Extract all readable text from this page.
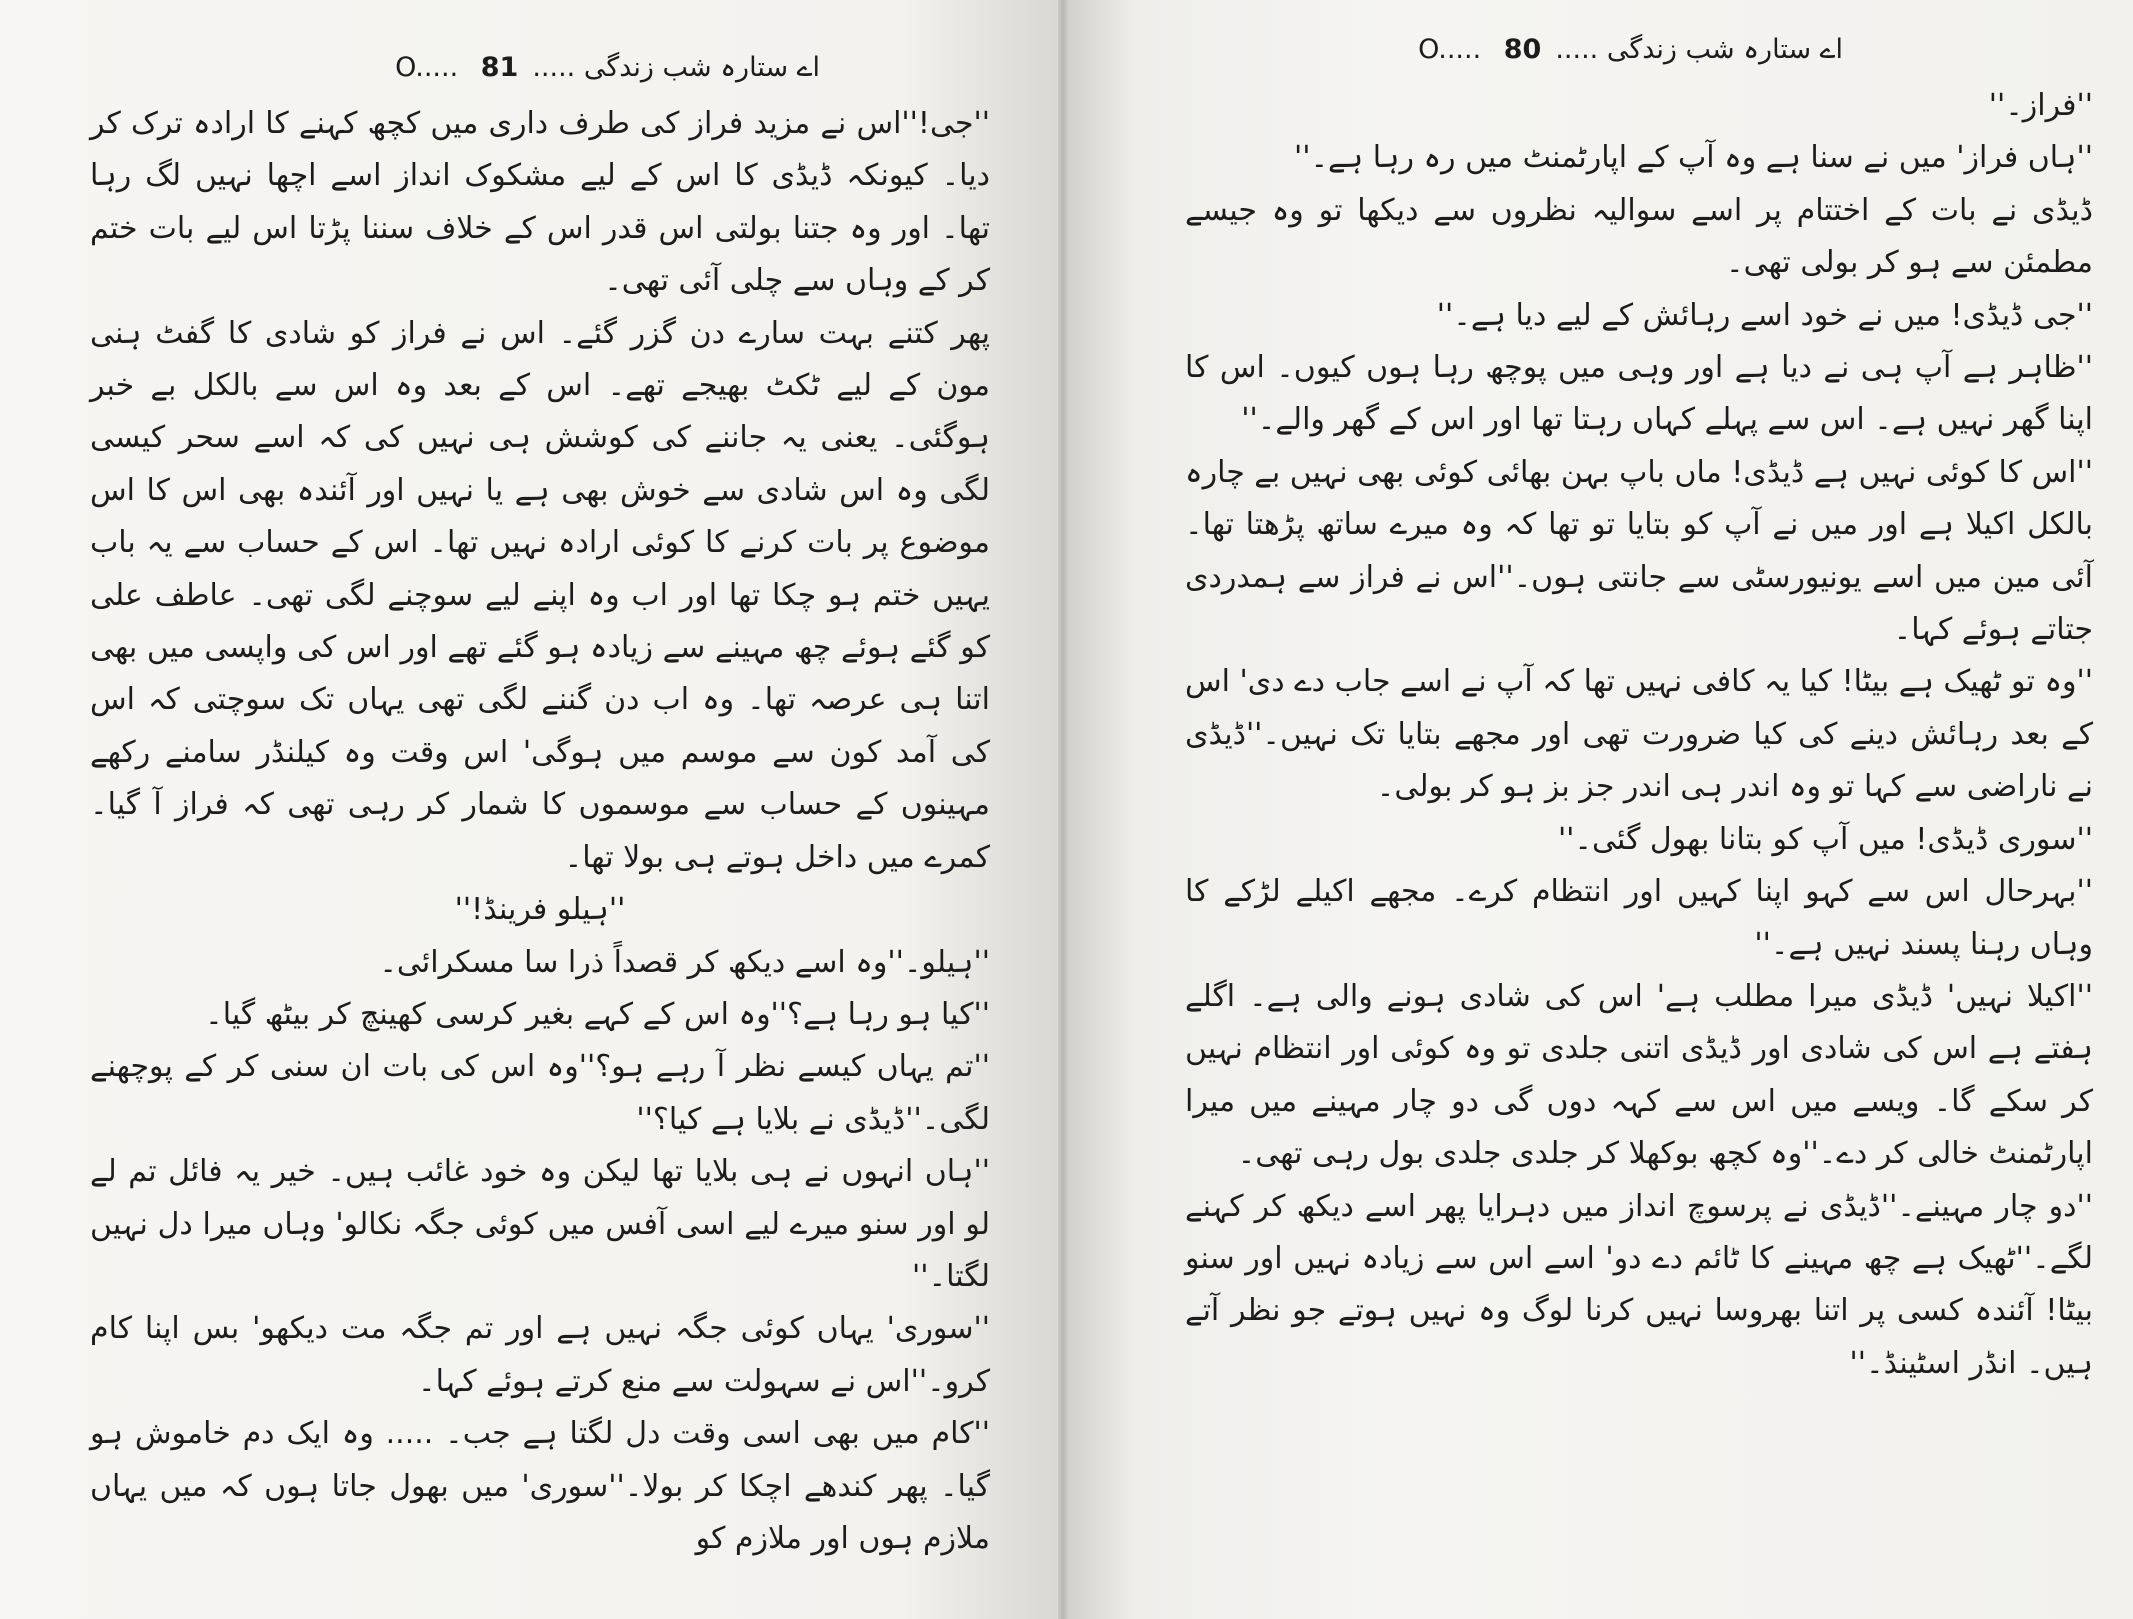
اے ستارہ شب زندگی .....O..... 81

''جی!''اس نے مزید فراز کی طرف داری میں کچھ کہنے کا ارادہ ترک کر دیا۔ کیونکہ ڈیڈی کا اس کے لیے مشکوک انداز اسے اچھا نہیں لگ رہا تھا۔ اور وہ جتنا بولتی اس قدر اس کے خلاف سننا پڑتا اس لیے بات ختم کر کے وہاں سے چلی آئی تھی۔

پھر کتنے بہت سارے دن گزر گئے۔ اس نے فراز کو شادی کا گفٹ ہنی مون کے لیے ٹکٹ بھیجے تھے۔ اس کے بعد وہ اس سے بالکل بے خبر ہوگئی۔ یعنی یہ جاننے کی کوشش ہی نہیں کی کہ اسے سحر کیسی لگی وہ اس شادی سے خوش بھی ہے یا نہیں اور آئندہ بھی اس کا اس موضوع پر بات کرنے کا کوئی ارادہ نہیں تھا۔ اس کے حساب سے یہ باب یہیں ختم ہو چکا تھا اور اب وہ اپنے لیے سوچنے لگی تھی۔ عاطف علی کو گئے ہوئے چھ مہینے سے زیادہ ہو گئے تھے اور اس کی واپسی میں بھی اتنا ہی عرصہ تھا۔ وہ اب دن گننے لگی تھی یہاں تک سوچتی کہ اس کی آمد کون سے موسم میں ہوگی' اس وقت وہ کیلنڈر سامنے رکھے مہینوں کے حساب سے موسموں کا شمار کر رہی تھی کہ فراز آ گیا۔ کمرے میں داخل ہوتے ہی بولا تھا۔

''ہیلو فرینڈ!''

''ہیلو۔''وہ اسے دیکھ کر قصداً ذرا سا مسکرائی۔

''کیا ہو رہا ہے؟''وہ اس کے کہے بغیر کرسی کھینچ کر بیٹھ گیا۔

''تم یہاں کیسے نظر آ رہے ہو؟''وہ اس کی بات ان سنی کر کے پوچھنے لگی۔''ڈیڈی نے بلایا ہے کیا؟''

''ہاں انہوں نے ہی بلایا تھا لیکن وہ خود غائب ہیں۔ خیر یہ فائل تم لے لو اور سنو میرے لیے اسی آفس میں کوئی جگہ نکالو' وہاں میرا دل نہیں لگتا۔''

''سوری' یہاں کوئی جگہ نہیں ہے اور تم جگہ مت دیکھو' بس اپنا کام کرو۔''اس نے سہولت سے منع کرتے ہوئے کہا۔

''کام میں بھی اسی وقت دل لگتا ہے جب۔ ..... وہ ایک دم خاموش ہو گیا۔ پھر کندھے اچکا کر بولا۔''سوری' میں بھول جاتا ہوں کہ میں یہاں ملازم ہوں اور ملازم کو

اے ستارہ شب زندگی .....O..... 80

''فراز۔''

''ہاں فراز' میں نے سنا ہے وہ آپ کے اپارٹمنٹ میں رہ رہا ہے۔''

ڈیڈی نے بات کے اختتام پر اسے سوالیہ نظروں سے دیکھا تو وہ جیسے مطمئن سے ہو کر بولی تھی۔

''جی ڈیڈی! میں نے خود اسے رہائش کے لیے دیا ہے۔''

''ظاہر ہے آپ ہی نے دیا ہے اور وہی میں پوچھ رہا ہوں کیوں۔ اس کا اپنا گھر نہیں ہے۔ اس سے پہلے کہاں رہتا تھا اور اس کے گھر والے۔''

''اس کا کوئی نہیں ہے ڈیڈی! ماں باپ بہن بھائی کوئی بھی نہیں بے چارہ بالکل اکیلا ہے اور میں نے آپ کو بتایا تو تھا کہ وہ میرے ساتھ پڑھتا تھا۔ آئی مین میں اسے یونیورسٹی سے جانتی ہوں۔''اس نے فراز سے ہمدردی جتاتے ہوئے کہا۔

''وہ تو ٹھیک ہے بیٹا! کیا یہ کافی نہیں تھا کہ آپ نے اسے جاب دے دی' اس کے بعد رہائش دینے کی کیا ضرورت تھی اور مجھے بتایا تک نہیں۔''ڈیڈی نے ناراضی سے کہا تو وہ اندر ہی اندر جز بز ہو کر بولی۔

''سوری ڈیڈی! میں آپ کو بتانا بھول گئی۔''

''بہرحال اس سے کہو اپنا کہیں اور انتظام کرے۔ مجھے اکیلے لڑکے کا وہاں رہنا پسند نہیں ہے۔''

''اکیلا نہیں' ڈیڈی میرا مطلب ہے' اس کی شادی ہونے والی ہے۔ اگلے ہفتے ہے اس کی شادی اور ڈیڈی اتنی جلدی تو وہ کوئی اور انتظام نہیں کر سکے گا۔ ویسے میں اس سے کہہ دوں گی دو چار مہینے میں میرا اپارٹمنٹ خالی کر دے۔''وہ کچھ بوکھلا کر جلدی جلدی بول رہی تھی۔

''دو چار مہینے۔''ڈیڈی نے پرسوچ انداز میں دہرایا پھر اسے دیکھ کر کہنے لگے۔''ٹھیک ہے چھ مہینے کا ٹائم دے دو' اسے اس سے زیادہ نہیں اور سنو بیٹا! آئندہ کسی پر اتنا بھروسا نہیں کرنا لوگ وہ نہیں ہوتے جو نظر آتے ہیں۔ انڈر اسٹینڈ۔''
